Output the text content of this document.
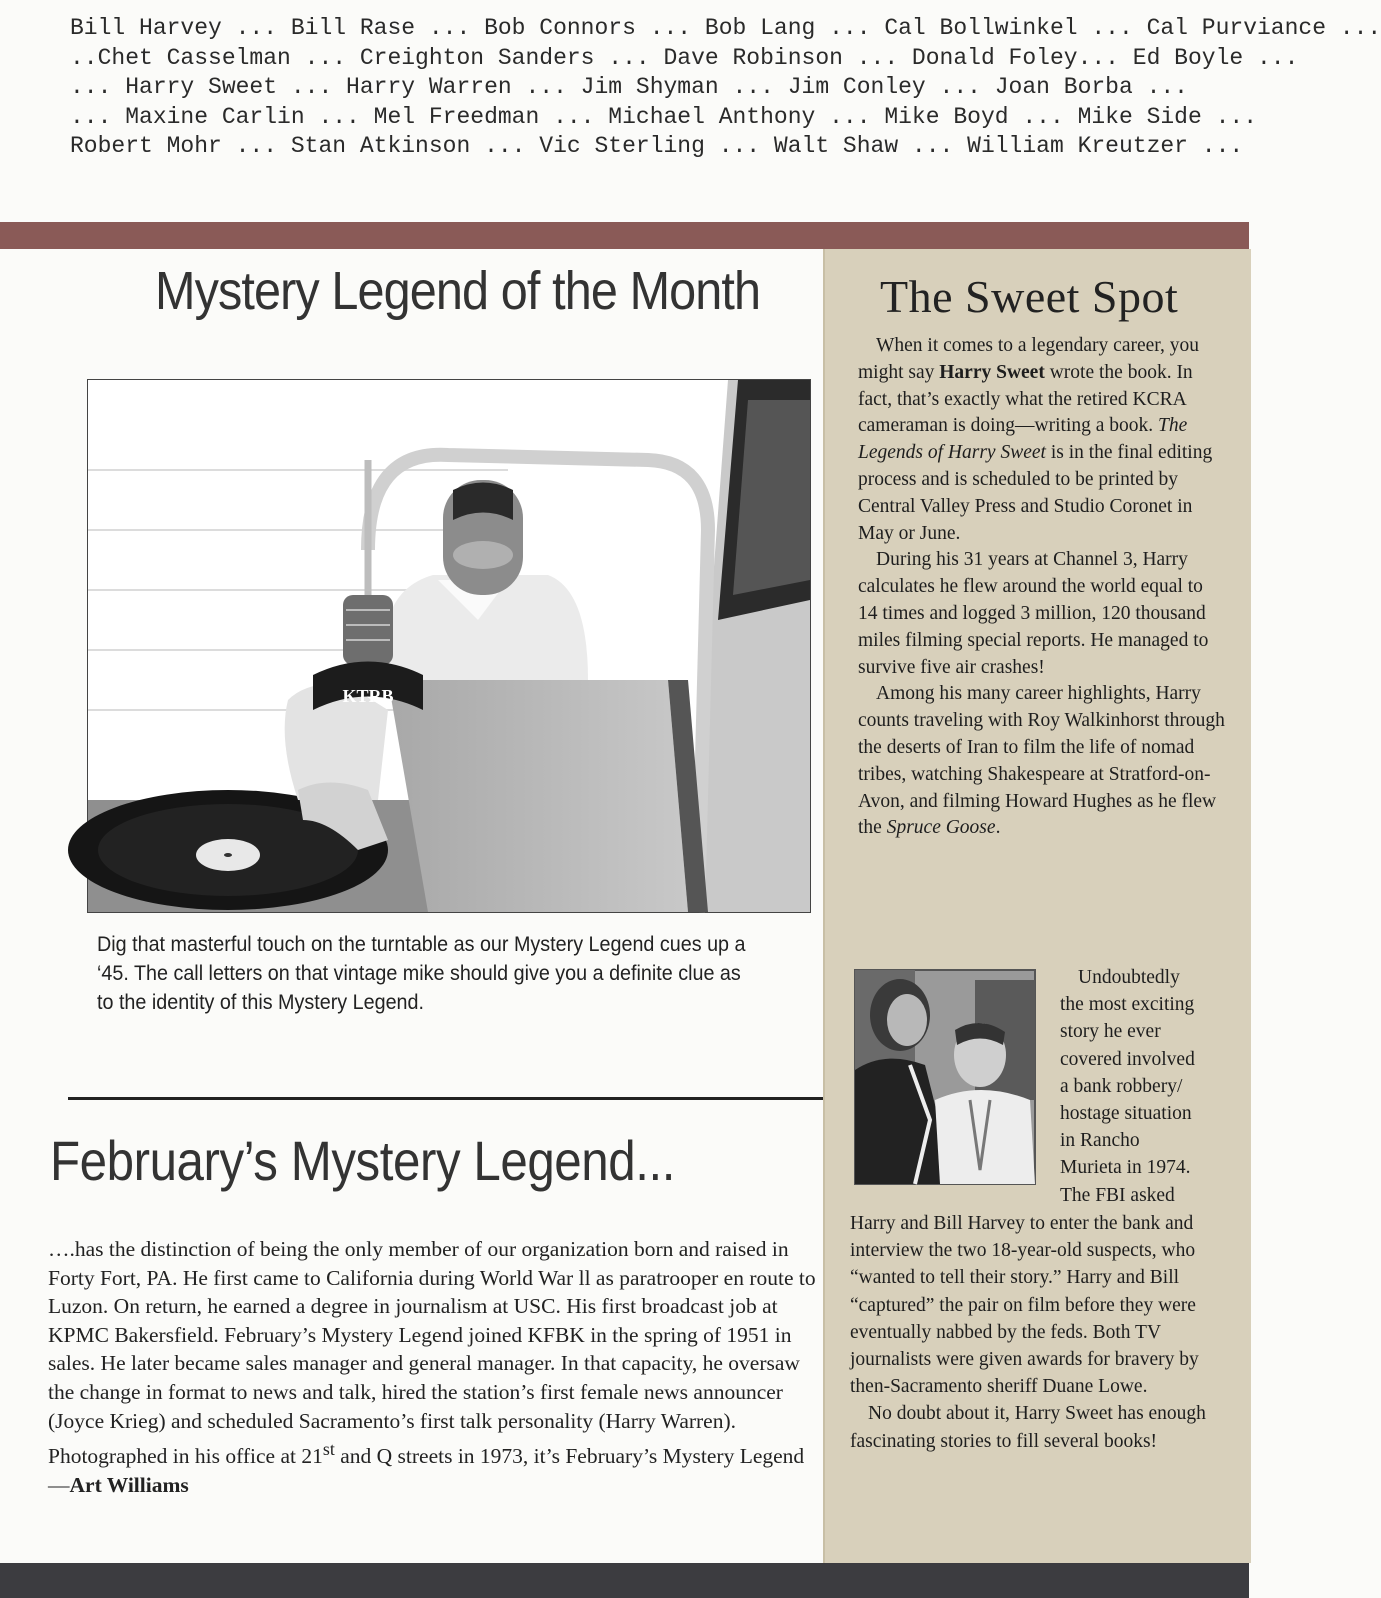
Bill Harvey ... Bill Rase ... Bob Connors ... Bob Lang ... Cal Bollwinkel ... Cal Purviance ...
..Chet Casselman ... Creighton Sanders ... Dave Robinson ... Donald Foley... Ed Boyle ...
... Harry Sweet ... Harry Warren ... Jim Shyman ... Jim Conley ... Joan Borba ...
... Maxine Carlin ... Mel Freedman ... Michael Anthony ... Mike Boyd ... Mike Side ...
Robert Mohr ... Stan Atkinson ... Vic Sterling ... Walt Shaw ... William Kreutzer ...
Mystery Legend of the Month
KTRB
Dig that masterful touch on the turntable as our Mystery Legend cues up a
‘45. The call letters on that vintage mike should give you a definite clue as
to the identity of this Mystery Legend.
February’s Mystery Legend...

….has the distinction of being the only member of our organization born and raised in Forty Fort, PA. He first came to California during World War ll as paratrooper en route to Luzon. On return, he earned a degree in journalism at USC. His first broadcast job at KPMC Bakersfield. February’s Mystery Legend joined KFBK in the spring of 1951 in sales. He later became sales manager and general manager. In that capacity, he oversaw the change in format to news and talk, hired the station’s first female news announcer (Joyce Krieg) and scheduled Sacramento’s first talk personality (Harry Warren). Photographed in his office at 21st and Q streets in 1973, it’s February’s Mystery Legend—Art Williams

The Sweet Spot

When it comes to a legendary career, you might say Harry Sweet wrote the book. In fact, that’s exactly what the retired KCRA cameraman is doing—writing a book. The Legends of Harry Sweet is in the final editing process and is scheduled to be printed by Central Valley Press and Studio Coronet in May or June.

During his 31 years at Channel 3, Harry calculates he flew around the world equal to 14 times and logged 3 million, 120 thousand miles filming special reports. He managed to survive five air crashes!

Among his many career highlights, Harry counts traveling with Roy Walkinhorst through the deserts of Iran to film the life of nomad tribes, watching Shakespeare at Stratford-on-Avon, and filming Howard Hughes as he flew the Spruce Goose.

Undoubtedly

the most exciting

story he ever

covered involved

a bank robbery/

hostage situation

in Rancho

Murieta in 1974.

The FBI asked

Harry and Bill Harvey to enter the bank and interview the two 18-year-old suspects, who “wanted to tell their story.” Harry and Bill “captured” the pair on film before they were eventually nabbed by the feds. Both TV journalists were given awards for bravery by then-Sacramento sheriff Duane Lowe.

No doubt about it, Harry Sweet has enough fascinating stories to fill several books!
